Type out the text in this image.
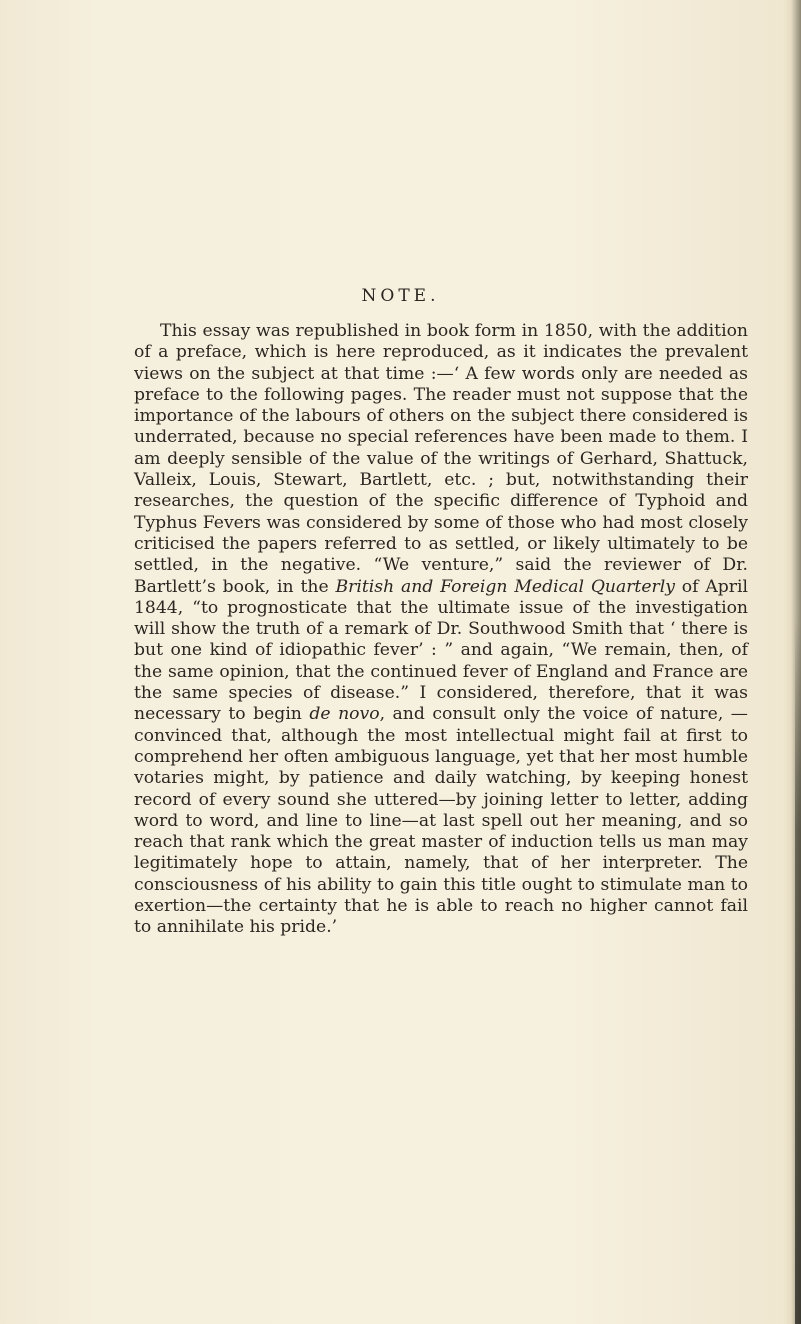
NOTE.

This essay was republished in book form in 1850, with the addition of a preface, which is here reproduced, as it indicates the prevalent views on the subject at that time :—‘ A few words only are needed as preface to the following pages. The reader must not suppose that the importance of the labours of others on the subject there considered is underrated, because no special references have been made to them. I am deeply sensible of the value of the writings of Gerhard, Shattuck, Valleix, Louis, Stewart, Bartlett, etc. ; but, notwithstanding their researches, the question of the specific difference of Typhoid and Typhus Fevers was considered by some of those who had most closely criticised the papers referred to as settled, or likely ultimately to be settled, in the negative. “We venture,” said the reviewer of Dr. Bartlett’s book, in the British and Foreign Medical Quarterly of April 1844, “to prognosticate that the ultimate issue of the investigation will show the truth of a remark of Dr. Southwood Smith that ‘ there is but one kind of idiopathic fever’ : ” and again, “We remain, then, of the same opinion, that the continued fever of England and France are the same species of disease.” I considered, therefore, that it was necessary to begin de novo, and consult only the voice of nature, —convinced that, although the most intellectual might fail at first to comprehend her often ambiguous language, yet that her most humble votaries might, by patience and daily watching, by keeping honest record of every sound she uttered—by joining letter to letter, adding word to word, and line to line—at last spell out her meaning, and so reach that rank which the great master of induction tells us man may legitimately hope to attain, namely, that of her interpreter. The consciousness of his ability to gain this title ought to stimulate man to exertion—the certainty that he is able to reach no higher cannot fail to annihilate his pride.’
